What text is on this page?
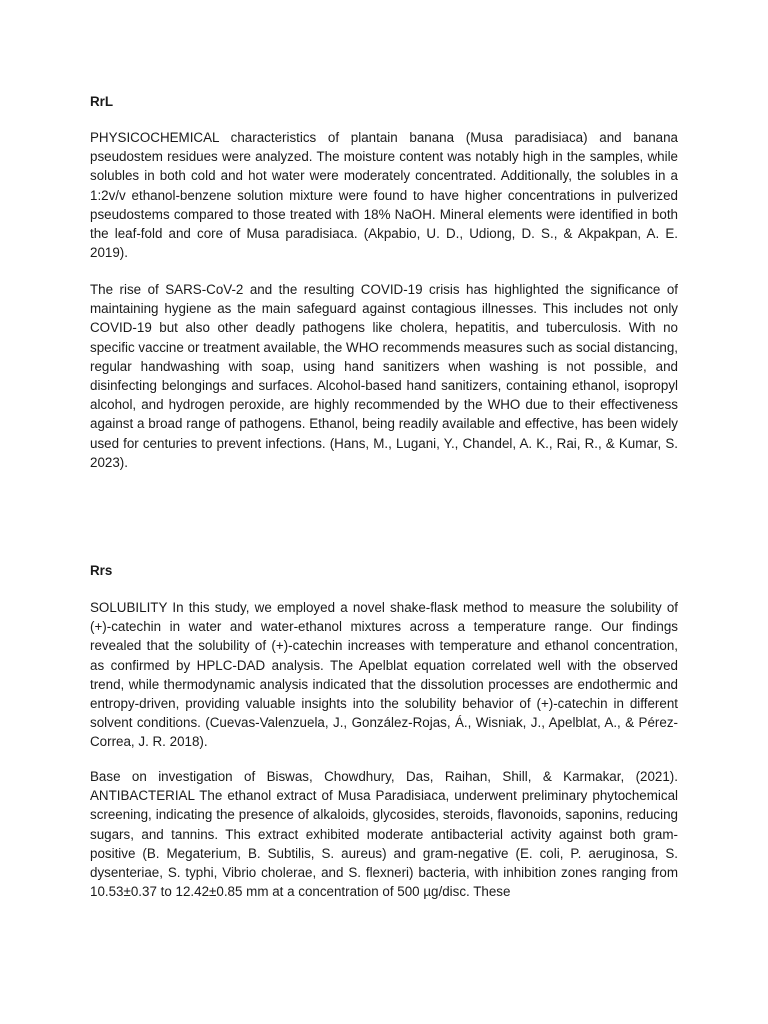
RrL

PHYSICOCHEMICAL characteristics of plantain banana (Musa paradisiaca) and banana pseudostem residues were analyzed. The moisture content was notably high in the samples, while solubles in both cold and hot water were moderately concentrated. Additionally, the solubles in a 1:2v/v ethanol-benzene solution mixture were found to have higher concentrations in pulverized pseudostems compared to those treated with 18% NaOH. Mineral elements were identified in both the leaf-fold and core of Musa paradisiaca. (Akpabio, U. D., Udiong, D. S., & Akpakpan, A. E. 2019).

The rise of SARS-CoV-2 and the resulting COVID-19 crisis has highlighted the significance of maintaining hygiene as the main safeguard against contagious illnesses. This includes not only COVID-19 but also other deadly pathogens like cholera, hepatitis, and tuberculosis. With no specific vaccine or treatment available, the WHO recommends measures such as social distancing, regular handwashing with soap, using hand sanitizers when washing is not possible, and disinfecting belongings and surfaces. Alcohol-based hand sanitizers, containing ethanol, isopropyl alcohol, and hydrogen peroxide, are highly recommended by the WHO due to their effectiveness against a broad range of pathogens. Ethanol, being readily available and effective, has been widely used for centuries to prevent infections. (Hans, M., Lugani, Y., Chandel, A. K., Rai, R., & Kumar, S. 2023).

Rrs

SOLUBILITY In this study, we employed a novel shake-flask method to measure the solubility of (+)-catechin in water and water-ethanol mixtures across a temperature range. Our findings revealed that the solubility of (+)-catechin increases with temperature and ethanol concentration, as confirmed by HPLC-DAD analysis. The Apelblat equation correlated well with the observed trend, while thermodynamic analysis indicated that the dissolution processes are endothermic and entropy-driven, providing valuable insights into the solubility behavior of (+)-catechin in different solvent conditions. (Cuevas-Valenzuela, J., González-Rojas, Á., Wisniak, J., Apelblat, A., & Pérez-Correa, J. R. 2018).

Base on investigation of Biswas, Chowdhury, Das, Raihan, Shill, & Karmakar, (2021). ANTIBACTERIAL The ethanol extract of Musa Paradisiaca, underwent preliminary phytochemical screening, indicating the presence of alkaloids, glycosides, steroids, flavonoids, saponins, reducing sugars, and tannins. This extract exhibited moderate antibacterial activity against both gram-positive (B. Megaterium, B. Subtilis, S. aureus) and gram-negative (E. coli, P. aeruginosa, S. dysenteriae, S. typhi, Vibrio cholerae, and S. flexneri) bacteria, with inhibition zones ranging from 10.53±0.37 to 12.42±0.85 mm at a concentration of 500 µg/disc. These
